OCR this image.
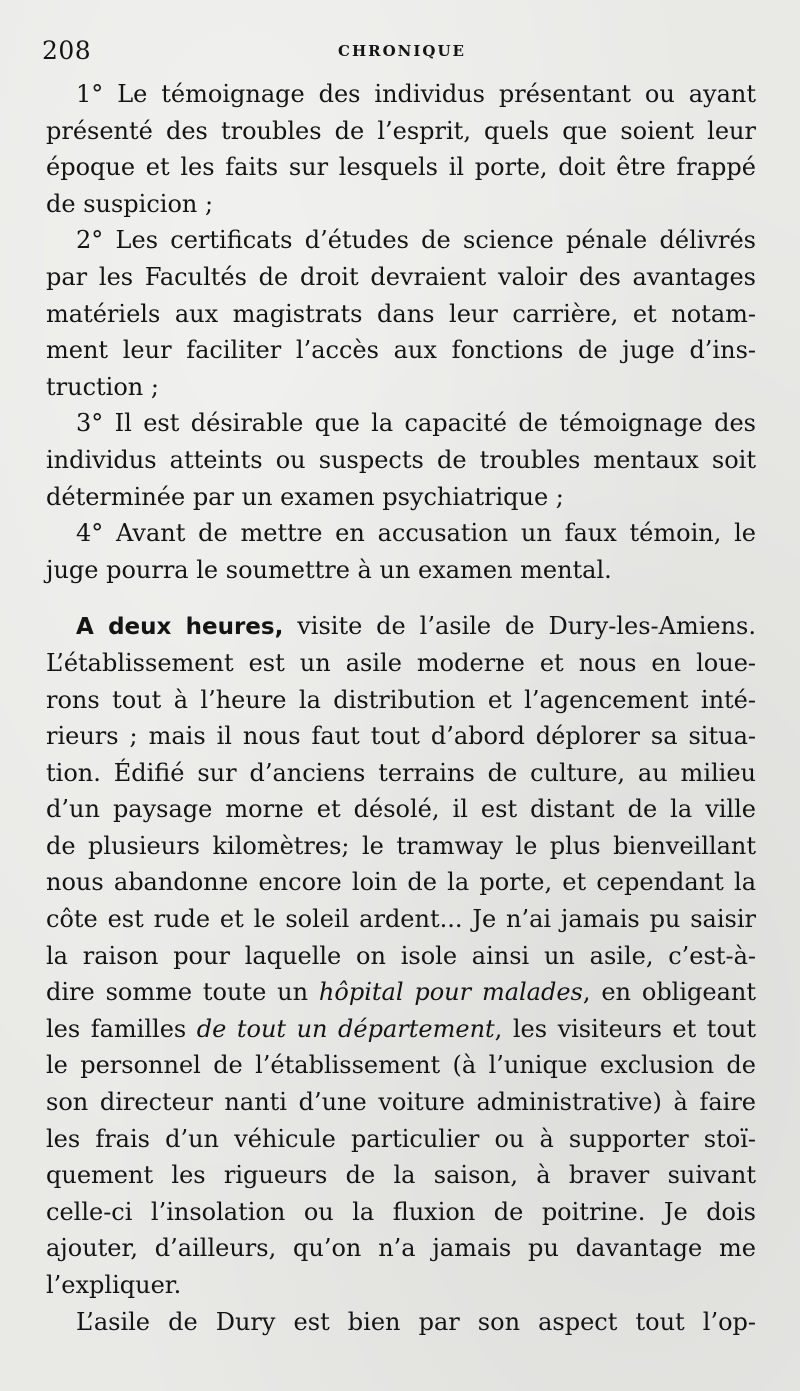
208	CHRONIQUE
1° Le témoignage des individus présentant ou ayant
présenté des troubles de l’esprit, quels que soient leur
époque et les faits sur lesquels il porte, doit être frappé
de suspicion ;
2° Les certificats d’études de science pénale délivrés
par les Facultés de droit devraient valoir des avantages
matériels aux magistrats dans leur carrière, et notam-
ment leur faciliter l’accès aux fonctions de juge d’ins-
truction ;
3° Il est désirable que la capacité de témoignage des
individus atteints ou suspects de troubles mentaux soit
déterminée par un examen psychiatrique ;
4° Avant de mettre en accusation un faux témoin, le
juge pourra le soumettre à un examen mental.
A deux heures, visite de l’asile de Dury-les-Amiens.
L’établissement est un asile moderne et nous en loue-
rons tout à l’heure la distribution et l’agencement inté-
rieurs ; mais il nous faut tout d’abord déplorer sa situa-
tion. Édifié sur d’anciens terrains de culture, au milieu
d’un paysage morne et désolé, il est distant de la ville
de plusieurs kilomètres; le tramway le plus bienveillant
nous abandonne encore loin de la porte, et cependant la
côte est rude et le soleil ardent... Je n’ai jamais pu saisir
la raison pour laquelle on isole ainsi un asile, c’est-à-
dire somme toute un hôpital pour malades, en obligeant
les familles de tout un département, les visiteurs et tout
le personnel de l’établissement (à l’unique exclusion de
son directeur nanti d’une voiture administrative) à faire
les frais d’un véhicule particulier ou à supporter stoï-
quement les rigueurs de la saison, à braver suivant
celle-ci l’insolation ou la fluxion de poitrine. Je dois
ajouter, d’ailleurs, qu’on n’a jamais pu davantage me
l’expliquer.
L’asile de Dury est bien par son aspect tout l’op-
